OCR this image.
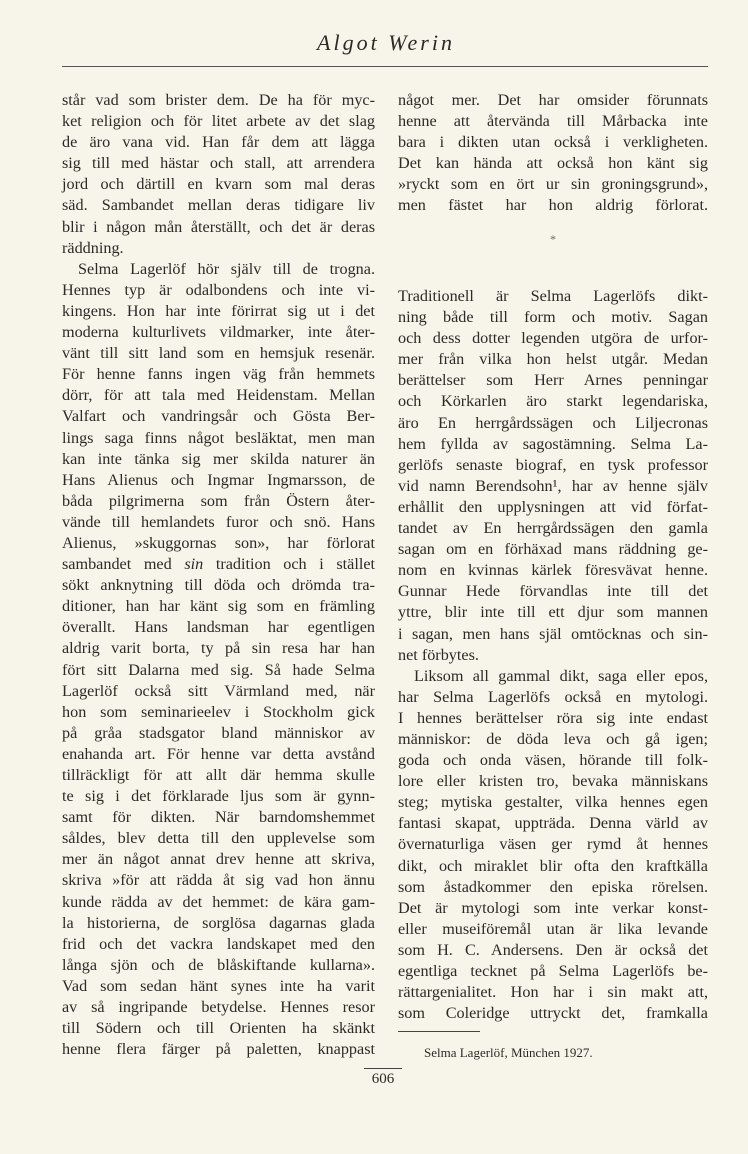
Algot Werin
står vad som brister dem. De ha för myc-
ket religion och för litet arbete av det slag
de äro vana vid. Han får dem att lägga
sig till med hästar och stall, att arrendera
jord och därtill en kvarn som mal deras
säd. Sambandet mellan deras tidigare liv
blir i någon mån återställt, och det är deras
räddning.
Selma Lagerlöf hör själv till de trogna.
Hennes typ är odalbondens och inte vi-
kingens. Hon har inte förirrat sig ut i det
moderna kulturlivets vildmarker, inte åter-
vänt till sitt land som en hemsjuk resenär.
För henne fanns ingen väg från hemmets
dörr, för att tala med Heidenstam. Mellan
Valfart och vandringsår och Gösta Ber-
lings saga finns något besläktat, men man
kan inte tänka sig mer skilda naturer än
Hans Alienus och Ingmar Ingmarsson, de
båda pilgrimerna som från Östern åter-
vände till hemlandets furor och snö. Hans
Alienus, »skuggornas son», har förlorat
sambandet med sin tradition och i stället
sökt anknytning till döda och drömda tra-
ditioner, han har känt sig som en främling
överallt. Hans landsman har egentligen
aldrig varit borta, ty på sin resa har han
fört sitt Dalarna med sig. Så hade Selma
Lagerlöf också sitt Värmland med, när
hon som seminarieelev i Stockholm gick
på gråa stadsgator bland människor av
enahanda art. För henne var detta avstånd
tillräckligt för att allt där hemma skulle
te sig i det förklarade ljus som är gynn-
samt för dikten. När barndomshemmet
såldes, blev detta till den upplevelse som
mer än något annat drev henne att skriva,
skriva »för att rädda åt sig vad hon ännu
kunde rädda av det hemmet: de kära gam-
la historierna, de sorglösa dagarnas glada
frid och det vackra landskapet med den
långa sjön och de blåskiftande kullarna».
Vad som sedan hänt synes inte ha varit
av så ingripande betydelse. Hennes resor
till Södern och till Orienten ha skänkt
henne flera färger på paletten, knappast
något mer. Det har omsider förunnats
henne att återvända till Mårbacka inte
bara i dikten utan också i verkligheten.
Det kan hända att också hon känt sig
»ryckt som en ört ur sin groningsgrund»,
men fästet har hon aldrig förlorat.
*
Traditionell är Selma Lagerlöfs dikt-
ning både till form och motiv. Sagan
och dess dotter legenden utgöra de urfor-
mer från vilka hon helst utgår. Medan
berättelser som Herr Arnes penningar
och Körkarlen äro starkt legendariska,
äro En herrgårdssägen och Liljecronas
hem fyllda av sagostämning. Selma La-
gerlöfs senaste biograf, en tysk professor
vid namn Berendsohn¹, har av henne själv
erhållit den upplysningen att vid förfat-
tandet av En herrgårdssägen den gamla
sagan om en förhäxad mans räddning ge-
nom en kvinnas kärlek föresvävat henne.
Gunnar Hede förvandlas inte till det
yttre, blir inte till ett djur som mannen
i sagan, men hans själ omtöcknas och sin-
net förbytes.
Liksom all gammal dikt, saga eller epos,
har Selma Lagerlöfs också en mytologi.
I hennes berättelser röra sig inte endast
människor: de döda leva och gå igen;
goda och onda väsen, hörande till folk-
lore eller kristen tro, bevaka människans
steg; mytiska gestalter, vilka hennes egen
fantasi skapat, uppträda. Denna värld av
övernaturliga väsen ger rymd åt hennes
dikt, och miraklet blir ofta den kraftkälla
som åstadkommer den episka rörelsen.
Det är mytologi som inte verkar konst-
eller museiföremål utan är lika levande
som H. C. Andersens. Den är också det
egentliga tecknet på Selma Lagerlöfs be-
rättargenialitet. Hon har i sin makt att,
som Coleridge uttryckt det, framkalla
Selma Lagerlöf, München 1927.
606
